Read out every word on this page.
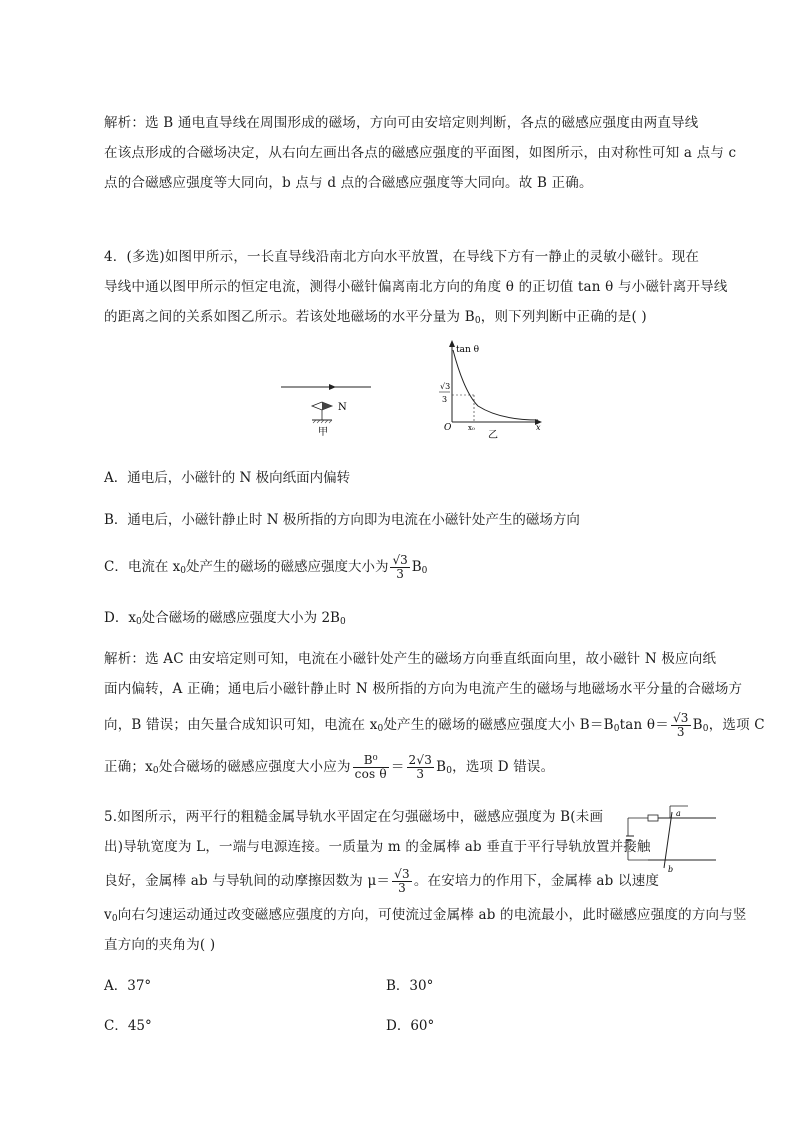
解析：选 B 通电直导线在周围形成的磁场，方向可由安培定则判断，各点的磁感应强度由两直导线
在该点形成的合磁场决定，从右向左画出各点的磁感应强度的平面图，如图所示，由对称性可知 a 点与 c
点的合磁感应强度等大同向，b 点与 d 点的合磁感应强度等大同向。故 B 正确。
4．(多选)如图甲所示，一长直导线沿南北方向水平放置，在导线下方有一静止的灵敏小磁针。现在
导线中通以图甲所示的恒定电流，测得小磁针偏离南北方向的角度 θ 的正切值 tan θ 与小磁针离开导线
的距离之间的关系如图乙所示。若该处地磁场的水平分量为 $B_0$，则下列判断中正确的是( )
N
甲
tan θ
√3
3
O x₀	x
乙
A．通电后，小磁针的 N 极向纸面内偏转
B．通电后，小磁针静止时 N 极所指的方向即为电流在小磁针处产生的磁场方向
C．电流在 $x_0$处产生的磁场的磁感应强度大小为 $\frac{√3}{3} B_0$
D．$x_0$处合磁场的磁感应强度大小为 $2B_0$
解析：选 AC 由安培定则可知，电流在小磁针处产生的磁场方向垂直纸面向里，故小磁针 N 极应向纸
面内偏转，A 正确；通电后小磁针静止时 N 极所指的方向为电流产生的磁场与地磁场水平分量的合磁场方
向，B 错误；由矢量合成知识可知，电流在 $x_0$处产生的磁场的磁感应强度大小 $B=B_0\tan$ $\theta= \frac{√3}{3} B_0$，选项 C
正确；$x_0$处合磁场的磁感应强度大小应为 $\frac{\text{B⁰}}{\text{cos θ}} = \frac{2√3}{3} B_0$，选项 D 错误。
5.如图所示，两平行的粗糙金属导轨水平固定在匀强磁场中，磁感应强度为 B(未画
出)导轨宽度为 L，一端与电源连接。一质量为 m 的金属棒 ab 垂直于平行导轨放置并接触
良好，金属棒 ab 与导轨间的动摩擦因数为 $\mu= \frac{√3}{3}$ 。在安培力的作用下，金属棒 ab 以速度
$v_0$向右匀速运动通过改变磁感应强度的方向，可使流过金属棒 ab 的电流最小，此时磁感应强度的方向与竖
直方向的夹角为( )
a
b
A．37°	B．30°
C．45°	D．60°
